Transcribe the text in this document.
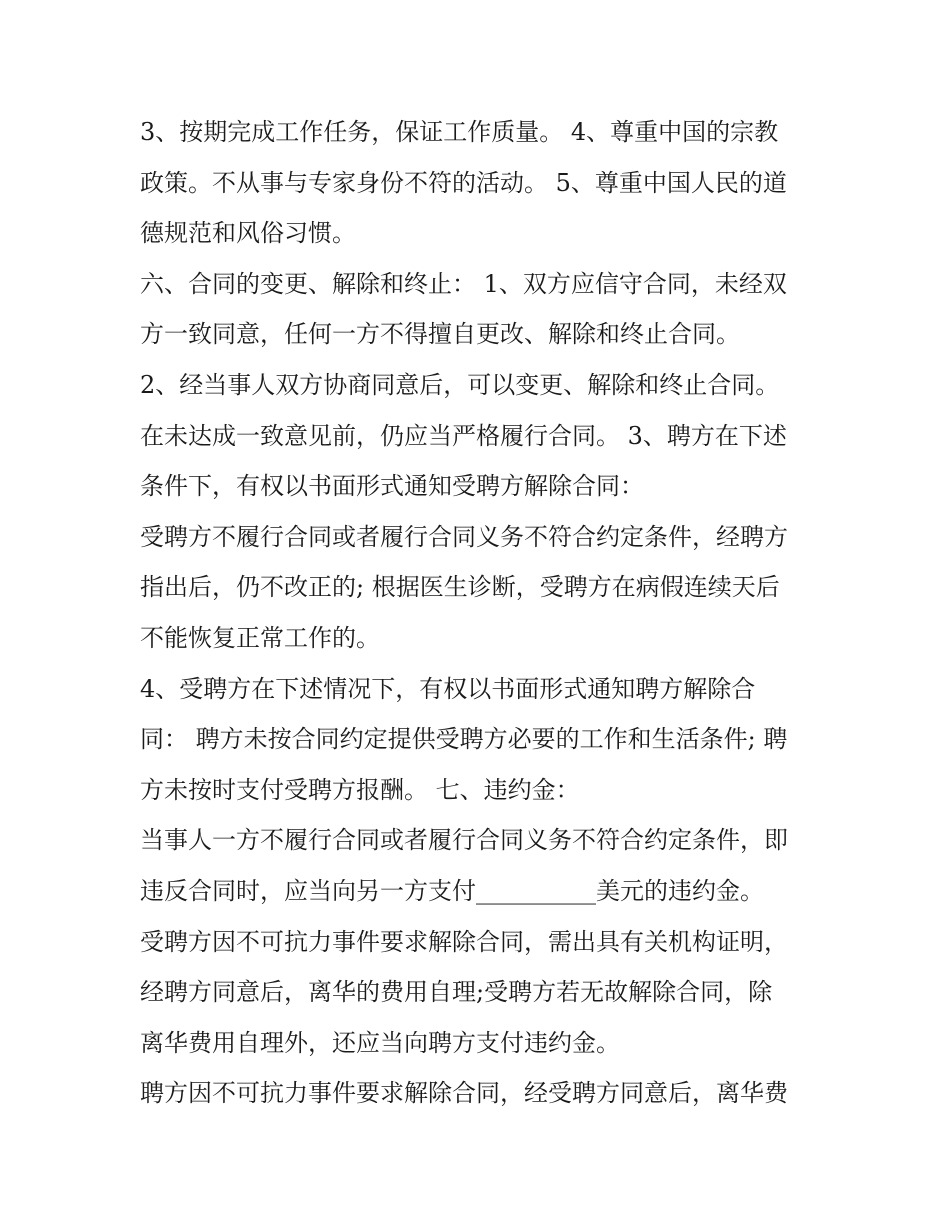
3、按期完成工作任务，保证工作质量。 4、尊重中国的宗教
政策。不从事与专家身份不符的活动。 5、尊重中国人民的道
德规范和风俗习惯。
六、合同的变更、解除和终止： 1、双方应信守合同，未经双
方一致同意，任何一方不得擅自更改、解除和终止合同。
2、经当事人双方协商同意后，可以变更、解除和终止合同。
在未达成一致意见前，仍应当严格履行合同。 3、聘方在下述
条件下，有权以书面形式通知受聘方解除合同：
受聘方不履行合同或者履行合同义务不符合约定条件，经聘方
指出后，仍不改正的; 根据医生诊断，受聘方在病假连续天后
不能恢复正常工作的。
4、受聘方在下述情况下，有权以书面形式通知聘方解除合
同： 聘方未按合同约定提供受聘方必要的工作和生活条件; 聘
方未按时支付受聘方报酬。 七、违约金：
当事人一方不履行合同或者履行合同义务不符合约定条件，即
违反合同时，应当向另一方支付__________美元的违约金。
受聘方因不可抗力事件要求解除合同，需出具有关机构证明，
经聘方同意后，离华的费用自理;受聘方若无故解除合同，除
离华费用自理外，还应当向聘方支付违约金。
聘方因不可抗力事件要求解除合同，经受聘方同意后，离华费
